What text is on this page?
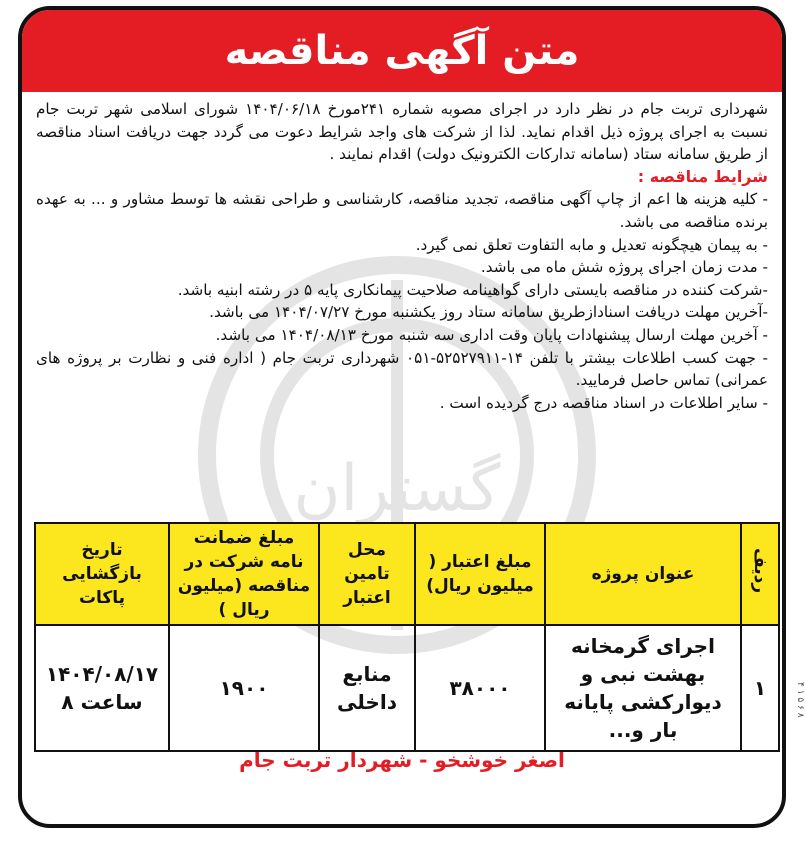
متن آگهی مناقصه
گستران

شهرداری تربت جام در نظر دارد در اجرای مصوبه شماره ۲۴۱مورخ ۱۴۰۴/۰۶/۱۸ شورای اسلامی شهر تربت جام نسبت به اجرای پروژه ذیل اقدام نماید. لذا از شرکت های واجد شرایط دعوت می گردد جهت دریافت اسناد مناقصه از طریق سامانه ستاد (سامانه تدارکات الکترونیک دولت) اقدام نمایند .

شرایط مناقصه :

- کلیه هزینه ها اعم از چاپ آگهی مناقصه، تجدید مناقصه، کارشناسی و طراحی نقشه ها توسط مشاور و ... به عهده برنده مناقصه می باشد.

- به پیمان هیچگونه تعدیل و مابه التفاوت تعلق نمی گیرد.

- مدت زمان اجرای پروژه شش ماه می باشد.

-شرکت کننده در مناقصه بایستی دارای گواهینامه صلاحیت پیمانکاری پایه ۵ در رشته ابنیه باشد.

-آخرین مهلت دریافت اسنادازطریق سامانه ستاد روز یکشنبه مورخ ۱۴۰۴/۰۷/۲۷ می باشد.

- آخرین مهلت ارسال پیشنهادات پایان وقت اداری سه شنبه مورخ ۱۴۰۴/۰۸/۱۳ می باشد.

- جهت کسب اطلاعات بیشتر با تلفن ۱۴-۵۲۵۲۷۹۱۱-۰۵۱ شهرداری تربت جام ( اداره فنی و نظارت بر پروژه های عمرانی) تماس حاصل فرمایید.

- سایر اطلاعات در اسناد مناقصه درج گردیده است .

ردیف	عنوان پروژه	مبلغ اعتبار ( میلیون ریال)	محل تامین اعتبار	مبلغ ضمانت نامه شرکت در مناقصه (میلیون ریال )	تاریخ بازگشایی پاکات
۱	اجرای گرمخانه بهشت نبی و دیوارکشی پایانه بار و...	۳۸۰۰۰	منابع داخلی	۱۹۰۰	۱۴۰۴/۰۸/۱۷ ساعت ۸
اصغر خوشخو - شهردار تربت جام
۴ ۱ ۵ ۶ ۸
